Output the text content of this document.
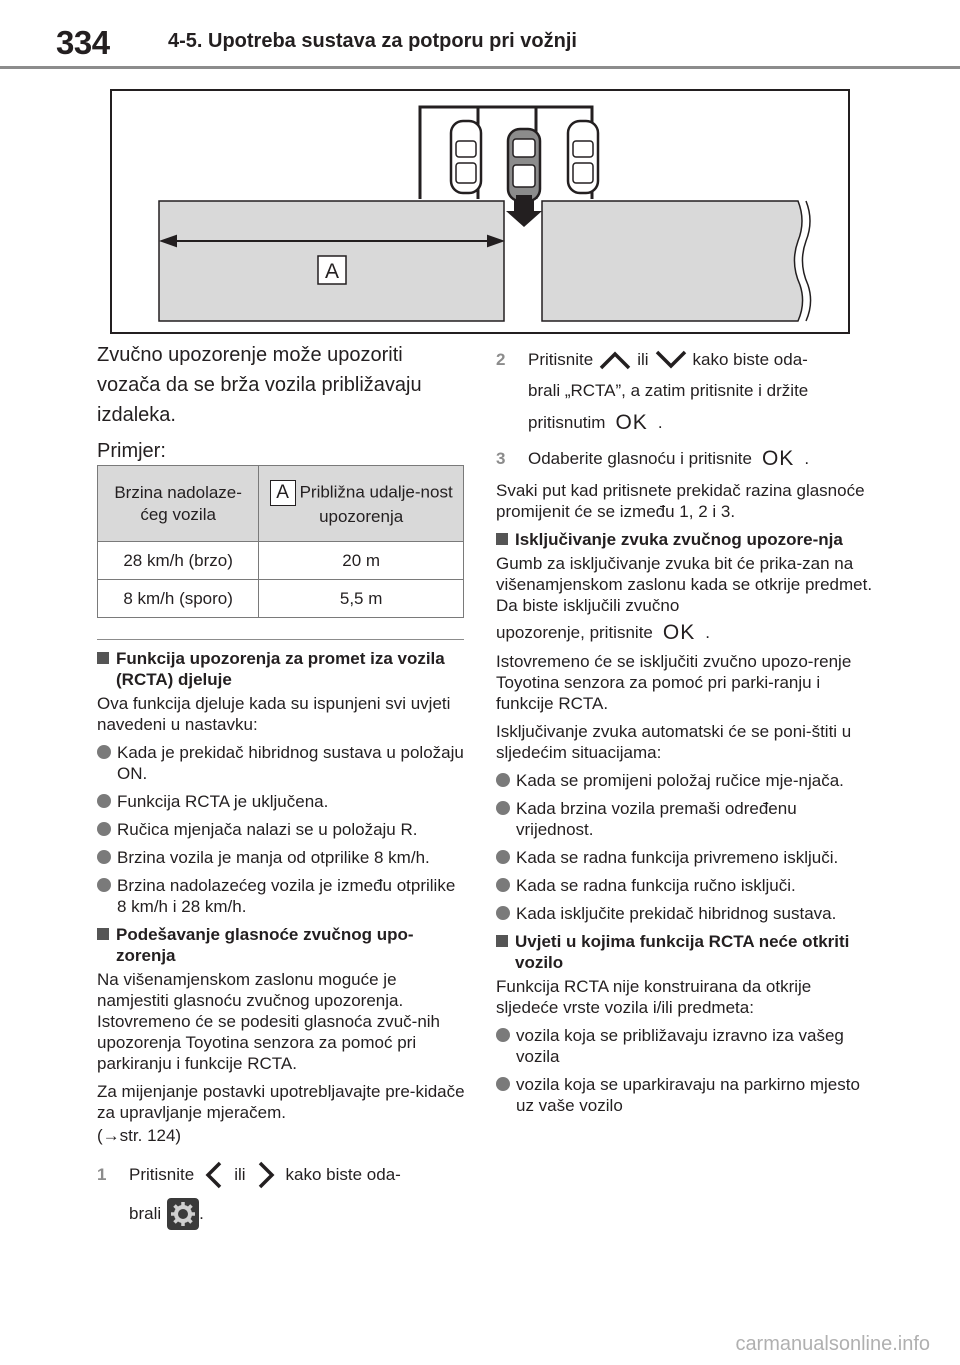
334	4-5. Upotreba sustava za potporu pri vožnji
A

Zvučno upozorenje može upozoriti vozača da se brža vozila približavaju izdaleka.

Primjer:

Brzina nadolaze-ćeg vozila	A Približna udalje-nost upozorenja
28 km/h (brzo)	20 m
8 km/h (sporo)	5,5 m
Funkcija upozorenja za promet iza vozila (RCTA) djeluje

Ova funkcija djeluje kada su ispunjeni svi uvjeti navedeni u nastavku:

Kada je prekidač hibridnog sustava u položaju ON.
Funkcija RCTA je uključena.
Ručica mjenjača nalazi se u položaju R.
Brzina vozila je manja od otprilike 8 km/h.
Brzina nadolazećeg vozila je između otprilike 8 km/h i 28 km/h.
Podešavanje glasnoće zvučnog upo-zorenja

Na višenamjenskom zaslonu moguće je namjestiti glasnoću zvučnog upozorenja. Istovremeno će se podesiti glasnoća zvuč-nih upozorenja Toyotina senzora za pomoć pri parkiranju i funkcije RCTA.

Za mijenjanje postavki upotrebljavajte pre-kidače za upravljanje mjeračem.

(→str. 124)

1	Pritisnite ili kako biste oda-
brali .
2	Pritisnite	ili	kako biste oda-
brali „RCTA”, a zatim pritisnite i držite
pritisnutim OK .
3	Odaberite glasnoću i pritisnite OK .

Svaki put kad pritisnete prekidač razina glasnoće promijenit će se između 1, 2 i 3.

Isključivanje zvuka zvučnog upozore-nja

Gumb za isključivanje zvuka bit će prika-zan na višenamjenskom zaslonu kada se otkrije predmet. Da biste isključili zvučno

upozorenje, pritisnite OK .

Istovremeno će se isključiti zvučno upozo-renje Toyotina senzora za pomoć pri parki-ranju i funkcije RCTA.

Isključivanje zvuka automatski će se poni-štiti u sljedećim situacijama:

Kada se promijeni položaj ručice mje-njača.
Kada brzina vozila premaši određenu vrijednost.
Kada se radna funkcija privremeno isključi.
Kada se radna funkcija ručno isključi.
Kada isključite prekidač hibridnog sustava.
Uvjeti u kojima funkcija RCTA neće otkriti vozilo

Funkcija RCTA nije konstruirana da otkrije sljedeće vrste vozila i/ili predmeta:

vozila koja se približavaju izravno iza vašeg vozila
vozila koja se uparkiravaju na parkirno mjesto uz vaše vozilo
carmanualsonline.info
